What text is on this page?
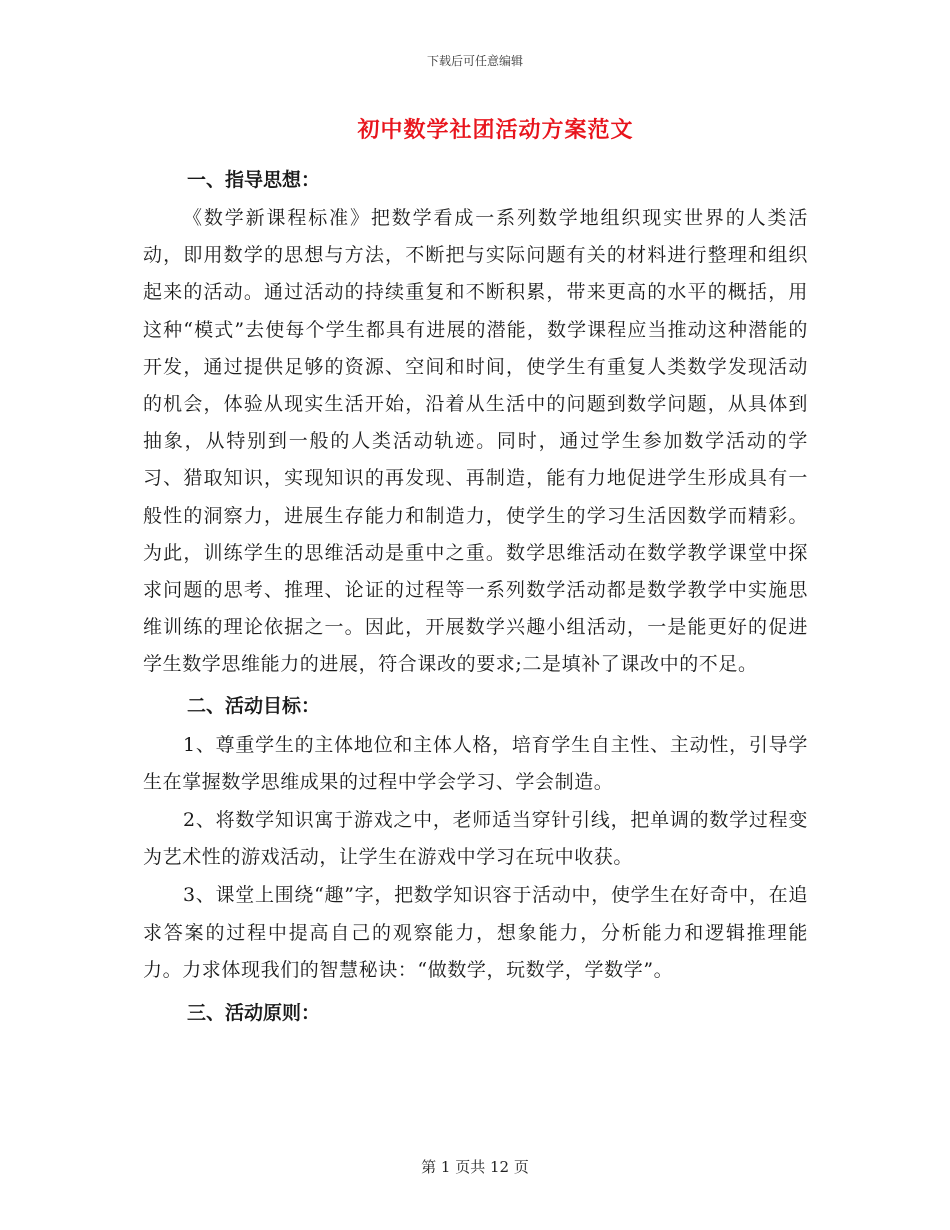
下载后可任意编辑
初中数学社团活动方案范文
一、指导思想：

《数学新课程标准》把数学看成一系列数学地组织现实世界的人类活动，即用数学的思想与方法，不断把与实际问题有关的材料进行整理和组织起来的活动。通过活动的持续重复和不断积累，带来更高的水平的概括，用这种“模式”去使每个学生都具有进展的潜能，数学课程应当推动这种潜能的开发，通过提供足够的资源、空间和时间，使学生有重复人类数学发现活动的机会，体验从现实生活开始，沿着从生活中的问题到数学问题，从具体到抽象，从特别到一般的人类活动轨迹。同时，通过学生参加数学活动的学习、猎取知识，实现知识的再发现、再制造，能有力地促进学生形成具有一般性的洞察力，进展生存能力和制造力，使学生的学习生活因数学而精彩。为此，训练学生的思维活动是重中之重。数学思维活动在数学教学课堂中探求问题的思考、推理、论证的过程等一系列数学活动都是数学教学中实施思维训练的理论依据之一。因此，开展数学兴趣小组活动，一是能更好的促进学生数学思维能力的进展，符合课改的要求;二是填补了课改中的不足。

二、活动目标：

1、尊重学生的主体地位和主体人格，培育学生自主性、主动性，引导学生在掌握数学思维成果的过程中学会学习、学会制造。

2、将数学知识寓于游戏之中，老师适当穿针引线，把单调的数学过程变为艺术性的游戏活动，让学生在游戏中学习在玩中收获。

3、课堂上围绕“趣”字，把数学知识容于活动中，使学生在好奇中，在追求答案的过程中提高自己的观察能力，想象能力，分析能力和逻辑推理能力。力求体现我们的智慧秘诀：“做数学，玩数学，学数学”。

三、活动原则：
第 1 页共 12 页
